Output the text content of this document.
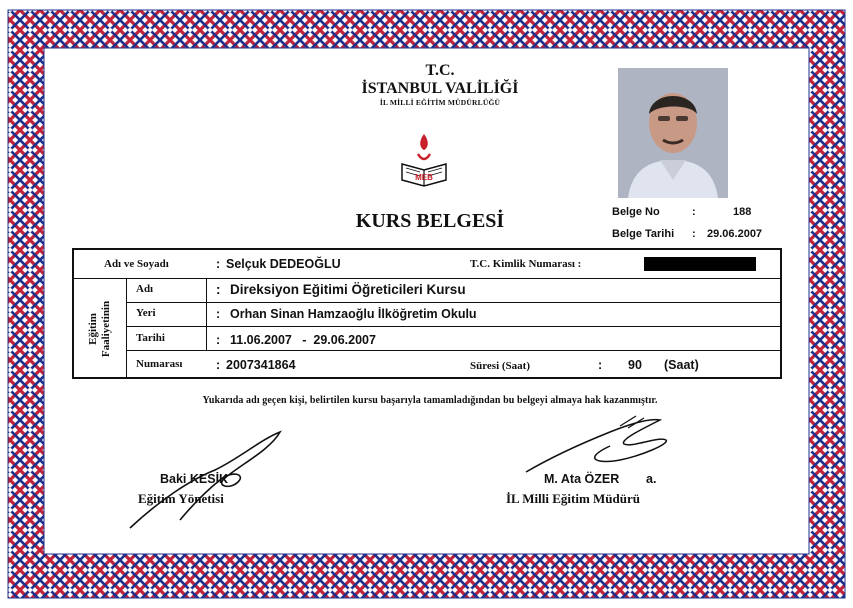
T.C.
İSTANBUL VALİLİĞİ
İL MİLLİ EĞİTİM MÜDÜRLÜĞÜ
MEB
KURS BELGESİ	Belge No	:	188
Belge Tarihi : 29.06.2007
Adı ve Soyadı	: Selçuk DEDEOĞLU	T.C. Kimlik Numarası :
Eğitim Faaliyetinin
Adı	: Direksiyon Eğitimi Öğreticileri Kursu
Yeri	: Orhan Sinan Hamzaoğlu İlköğretim Okulu
Tarihi	: 11.06.2007   -  29.06.2007
Numarası	: 2007341864	Süresi (Saat)	: 90 (Saat)
Yukarıda adı geçen kişi, belirtilen kursu başarıyla tamamladığından bu belgeyi almaya hak kazanmıştır.
Baki KESİK
Eğitim Yönetisi
M. Ata ÖZER a.
İL Milli Eğitim Müdürü
